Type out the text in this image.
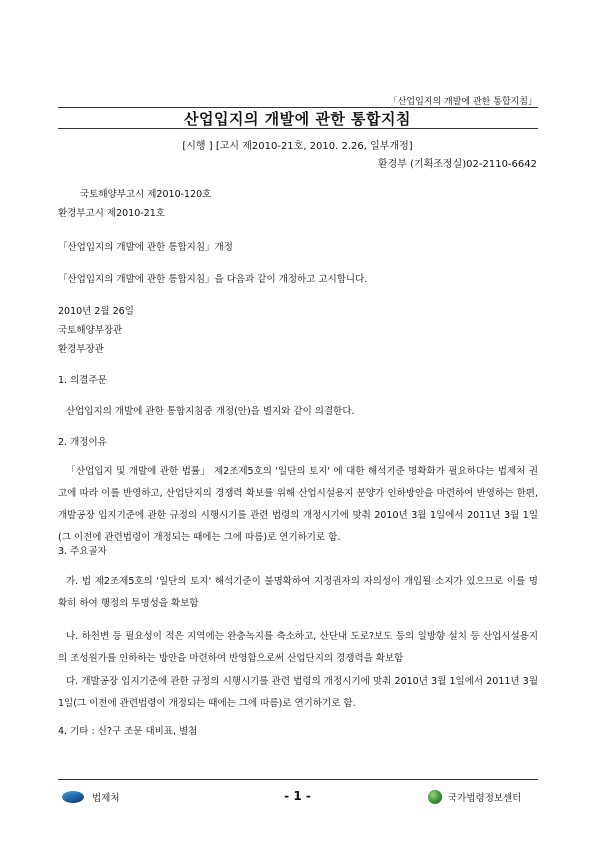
「산업입지의 개발에 관한 통합지침」
산업입지의 개발에 관한 통합지침
[시행 ] [고시 제2010-21호, 2010. 2.26, 일부개정]
환경부 (기획조정실)02-2110-6642
국토해양부고시 제2010-120호
환경부고시 제2010-21호
「산업입지의 개발에 관한 통합지침」개정
「산업입지의 개발에 관한 통합지침」을 다음과 같이 개정하고 고시합니다.
2010년 2월 26일
국토해양부장관
환경부장관
1. 의결주문
산업입지의 개발에 관한 통합지침중 개정(안)을 별지와 같이 의결한다.
2. 개정이유
「산업입지 및 개발에 관한 법률」 제2조제5호의 '일단의 토지' 에 대한 해석기준 명확화가 필요하다는 법제처 권고에 따라 이를 반영하고, 산업단지의 경쟁력 확보를 위해 산업시설용지 분양가 인하방안을 마련하여 반영하는 한편, 개발공장 입지기준에 관한 규정의 시행시기를 관련 법령의 개정시기에 맞춰 2010년 3월 1일에서 2011년 3월 1일(그 이전에 관련법령이 개정되는 때에는 그에 따름)로 연기하기로 함.
3. 주요골자
가. 법 제2조제5호의 '일단의 토지' 해석기준이 불명확하여 지정권자의 자의성이 개입될 소지가 있으므로 이를 명확히 하여 행정의 투명성을 확보함
나. 하천변 등 필요성이 적은 지역에는 완충녹지를 축소하고, 산단내 도로?보도 등의 일방향 설치 등 산업시설용지의 조성원가를 인하하는 방안을 마련하여 반영함으로써 산업단지의 경쟁력을 확보함
다. 개발공장 입지기준에 관한 규정의 시행시기를 관련 법령의 개정시기에 맞춰 2010년 3월 1일에서 2011년 3월 1일(그 이전에 관련법령이 개정되는 때에는 그에 따름)로 연기하기로 함.
4. 기타 : 신?구 조문 대비표, 별첨
법제처	- 1 -	국가법령정보센터
